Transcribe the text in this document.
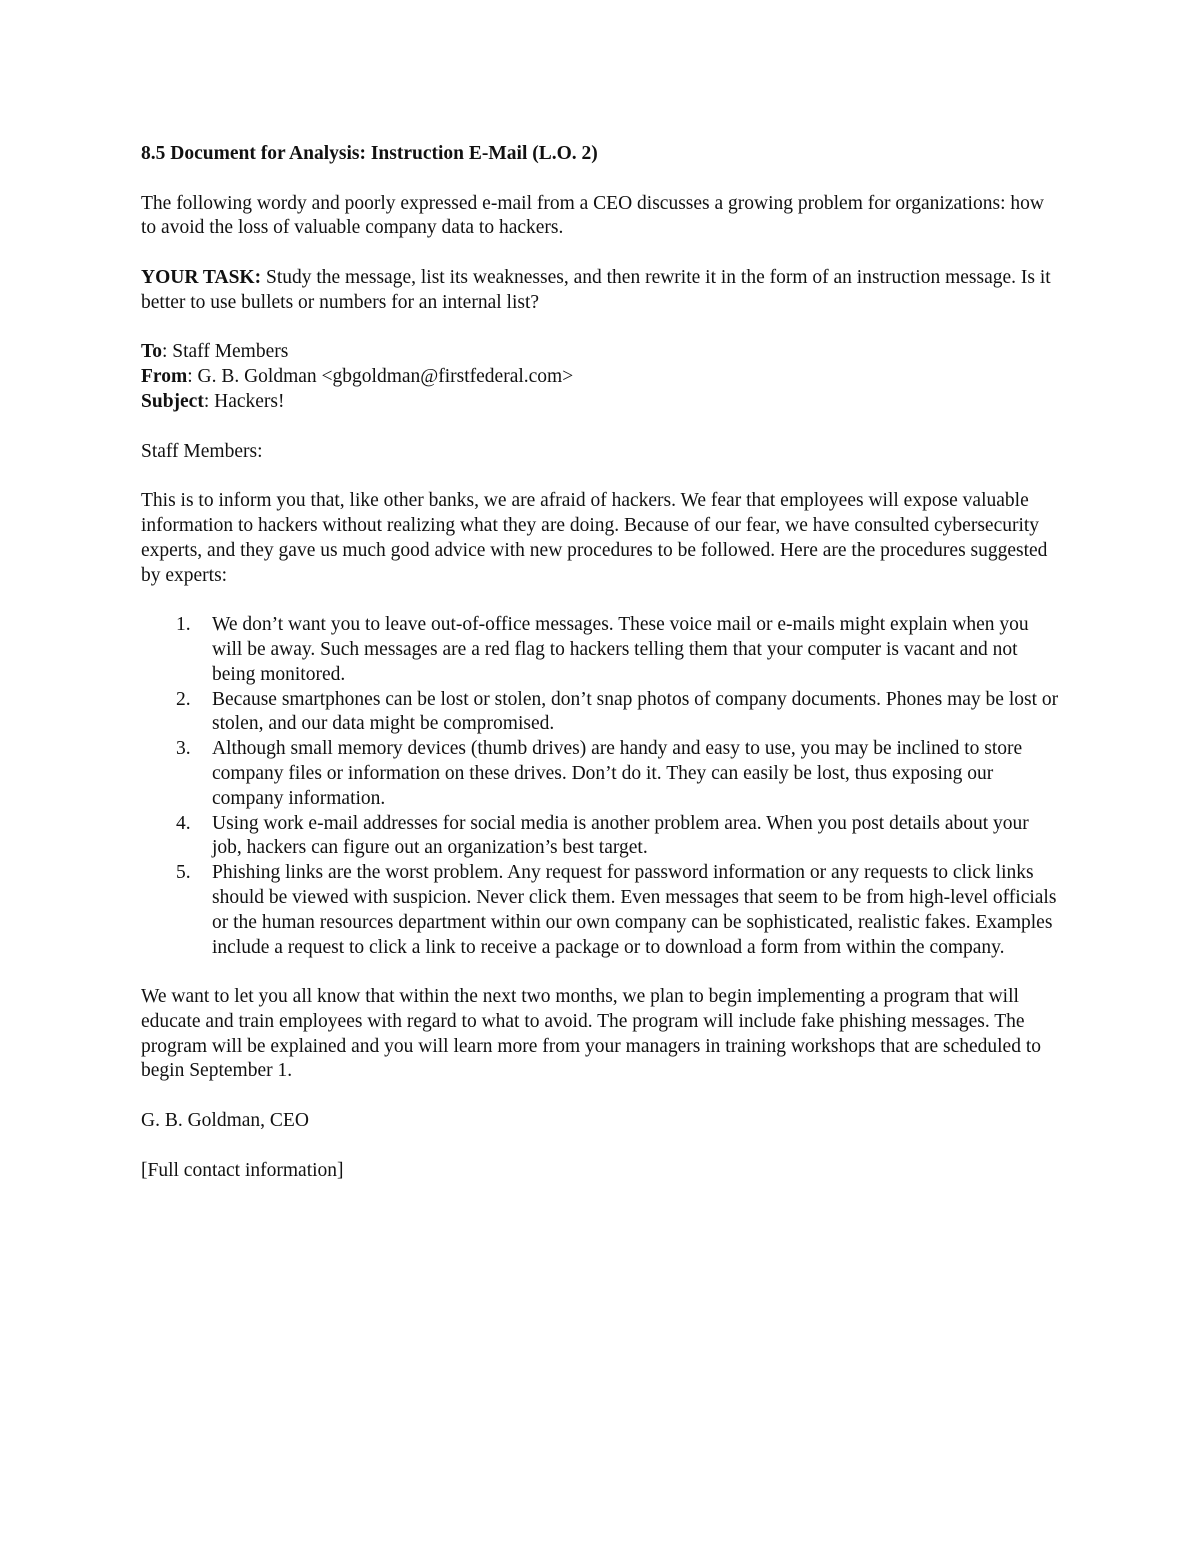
8.5 Document for Analysis: Instruction E-Mail (L.O. 2)

The following wordy and poorly expressed e-mail from a CEO discusses a growing problem for organizations: how to avoid the loss of valuable company data to hackers.

YOUR TASK: Study the message, list its weaknesses, and then rewrite it in the form of an instruction message. Is it better to use bullets or numbers for an internal list?

To: Staff Members
From: G. B. Goldman <gbgoldman@firstfederal.com>
Subject: Hackers!

Staff Members:

This is to inform you that, like other banks, we are afraid of hackers. We fear that employees will expose valuable information to hackers without realizing what they are doing. Because of our fear, we have consulted cybersecurity experts, and they gave us much good advice with new procedures to be followed. Here are the procedures suggested by experts:

1. We don’t want you to leave out-of-office messages. These voice mail or e-mails might explain when you will be away. Such messages are a red flag to hackers telling them that your computer is vacant and not being monitored.
2. Because smartphones can be lost or stolen, don’t snap photos of company documents. Phones may be lost or stolen, and our data might be compromised.
3. Although small memory devices (thumb drives) are handy and easy to use, you may be inclined to store company files or information on these drives. Don’t do it. They can easily be lost, thus exposing our company information.
4. Using work e-mail addresses for social media is another problem area. When you post details about your job, hackers can figure out an organization’s best target.
5. Phishing links are the worst problem. Any request for password information or any requests to click links should be viewed with suspicion. Never click them. Even messages that seem to be from high-level officials or the human resources department within our own company can be sophisticated, realistic fakes. Examples include a request to click a link to receive a package or to download a form from within the company.

We want to let you all know that within the next two months, we plan to begin implementing a program that will educate and train employees with regard to what to avoid. The program will include fake phishing messages. The program will be explained and you will learn more from your managers in training workshops that are scheduled to begin September 1.

G. B. Goldman, CEO

[Full contact information]
